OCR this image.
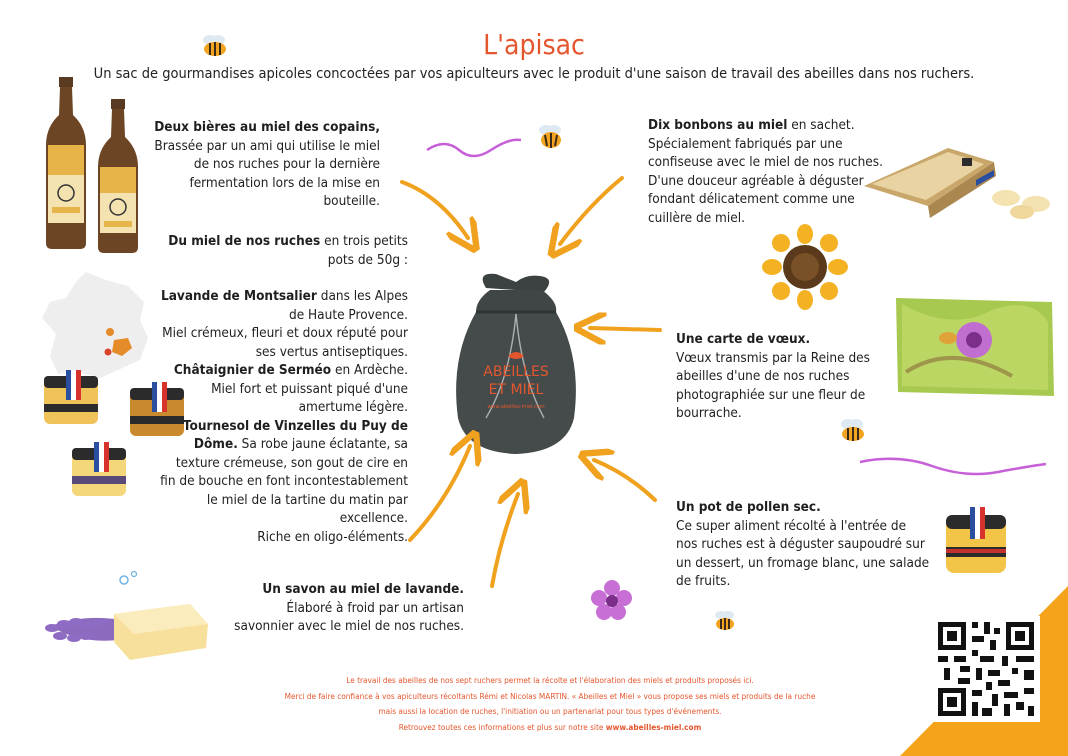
L'apisac
Un sac de gourmandises apicoles concoctées par vos apiculteurs avec le produit d'une saison de travail des abeilles dans nos ruchers.
ABEILLES
ET MIEL
www.abeilles-miel.com
Deux bières au miel des copains,
Brassée par un ami qui utilise le miel
de nos ruches pour la dernière
fermentation lors de la mise en
bouteille.
Du miel de nos ruches en trois petits
pots de 50g :
Lavande de Montsalier dans les Alpes
de Haute Provence.
Miel crémeux, fleuri et doux réputé pour
ses vertus antiseptiques.
Châtaignier de Serméo en Ardèche.
Miel fort et puissant piqué d'une
amertume légère.
Tournesol de Vinzelles du Puy de
Dôme. Sa robe jaune éclatante, sa
texture crémeuse, son gout de cire en
fin de bouche en font incontestablement
le miel de la tartine du matin par
excellence.
Riche en oligo-éléments.
Un savon au miel de lavande.
Élaboré à froid par un artisan
savonnier avec le miel de nos ruches.
Dix bonbons au miel en sachet.
Spécialement fabriqués par une
confiseuse avec le miel de nos ruches.
D'une douceur agréable à déguster
fondant délicatement comme une
cuillère de miel.
Une carte de vœux.
Vœux transmis par la Reine des
abeilles d'une de nos ruches
photographiée sur une fleur de
bourrache.
Un pot de pollen sec.
Ce super aliment récolté à l'entrée de
nos ruches est à déguster saupoudré sur
un dessert, un fromage blanc, une salade
de fruits.
Le travail des abeilles de nos sept ruchers permet la récolte et l'élaboration des miels et produits proposés ici.
Merci de faire confiance à vos apiculteurs récoltants Rémi et Nicolas MARTIN. « Abeilles et Miel » vous propose ses miels et produits de la ruche
mais aussi la location de ruches, l'initiation ou un partenariat pour tous types d'événements.
Retrouvez toutes ces informations et plus sur notre site www.abeilles-miel.com
